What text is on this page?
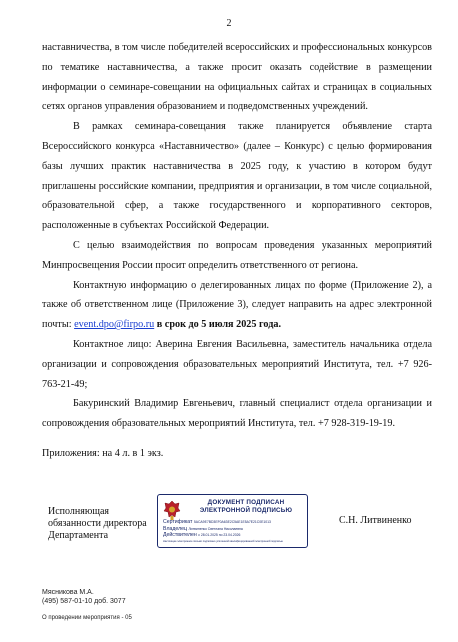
2

наставничества, в том числе победителей всероссийских и профессиональных конкурсов по тематике наставничества, а также просит оказать содействие в размещении информации о семинаре-совещании на официальных сайтах и страницах в социальных сетях органов управления образованием и подведомственных учреждений.

В рамках семинара-совещания также планируется объявление старта Всероссийского конкурса «Наставничество» (далее – Конкурс) с целью формирования базы лучших практик наставничества в 2025 году, к участию в котором будут приглашены российские компании, предприятия и организации, в том числе социальной, образовательной сфер, а также государственного и корпоративного секторов, расположенные в субъектах Российской Федерации.

С целью взаимодействия по вопросам проведения указанных мероприятий Минпросвещения России просит определить ответственного от региона.

Контактную информацию о делегированных лицах по форме (Приложение 2), а также об ответственном лице (Приложение 3), следует направить на адрес электронной почты: event.dpo@firpo.ru в срок до 5 июля 2025 года.

Контактное лицо: Аверина Евгения Васильевна, заместитель начальника отдела организации и сопровождения образовательных мероприятий Института, тел. +7 926-763-21-49;

Бакуринский Владимир Евгеньевич, главный специалист отдела организации и сопровождения образовательных мероприятий Института, тел. +7 928-319-19-19.

Приложения: на 4 л. в 1 экз.
Исполняющая
обязанности директора
Департамента
ДОКУМЕНТ ПОДПИСАН
ЭЛЕКТРОННОЙ ПОДПИСЬЮ
Сертификат 5ACA9E7BD3EF0A63E2C5AE1E5A7E21C0E1013
Владелец Литвиненко Светлана Николаевна
Действителен с 28.01.2025 по 23.04.2026
Настоящее электронное письмо подписано усиленной квалифицированной электронной подписью
С.Н. Литвиненко
Мясникова М.А.
(495) 587-01-10 доб. 3077
О проведении мероприятия - 05
